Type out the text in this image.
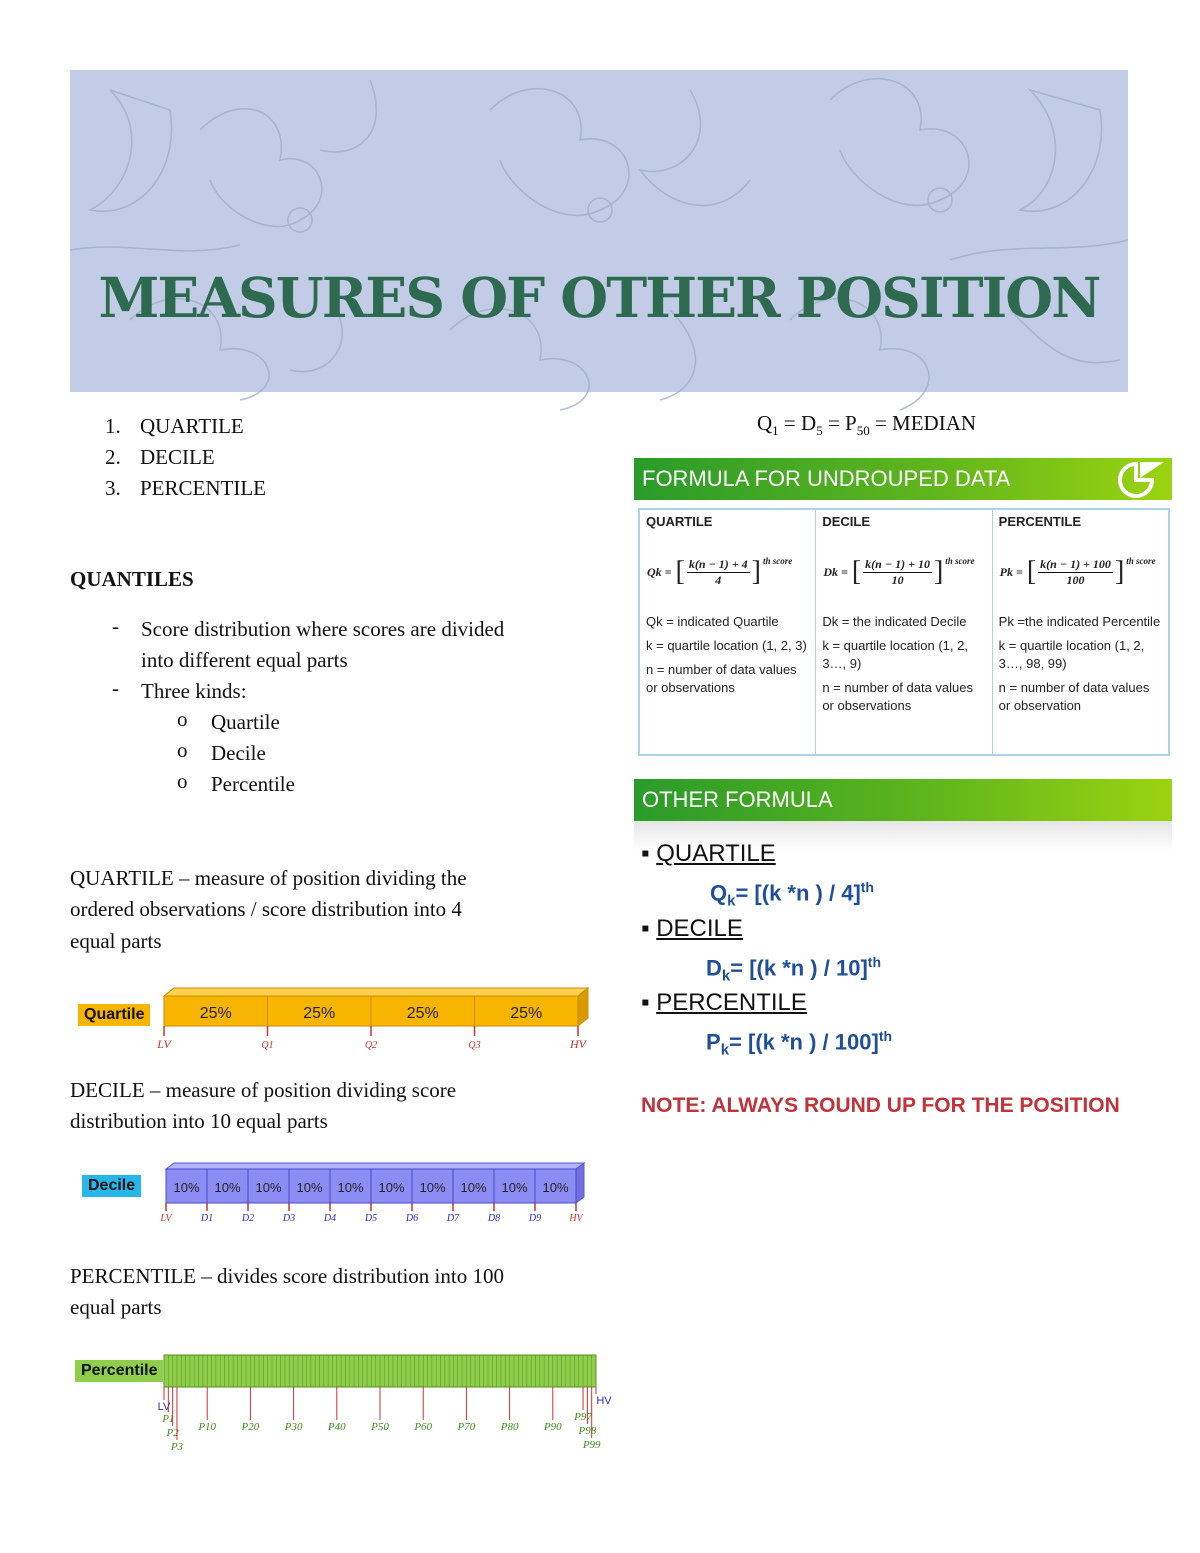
MEASURES OF OTHER POSITION
1. QUARTILE
2. DECILE
3. PERCENTILE
QUANTILES
- Score distribution where scores are divided
into different equal parts
- Three kinds:
o Quartile
o Decile
o Percentile
QUARTILE – measure of position dividing the
ordered observations / score distribution into 4
equal parts
Quartile	25%	25%	25%	25%
LV	Q1	Q2	Q3	HV
DECILE – measure of position dividing score
distribution into 10 equal parts
Decile	10% 10% 10% 10% 10% 10% 10% 10% 10% 10%
LV	D1	D2	D3	D4	D5	D6	D7	D8	D9	HV
PERCENTILE – divides score distribution into 100
equal parts
Percentile
LV
P1
P2
P3
P10 P20 P30 P40 P50 P60 P70 P80 P90
P97
P98
P99
HV
$Q_1 = D_5 = P_{50}$ = MEDIAN
FORMULA FOR UNDROUPED DATA
QUARTILE
Qk =	[	k(n − 1) + 4
4	]	th score

Qk = indicated Quartile

k = quartile location (1, 2, 3)

n = number of data values or observations

DECILE
Dk =	[	k(n − 1) + 10
10	]	th score

Dk = the indicated Decile

k = quartile location (1, 2, 3…, 9)

n = number of data values or observations

PERCENTILE
Pk =	[	k(n − 1) + 100
100	]	th score

Pk =the indicated Percentile

k = quartile location (1, 2, 3…, 98, 99)

n = number of data values or observation

OTHER FORMULA
▪ QUARTILE
$Q_k= [(k$ *n ) / 4]$^{th}$
▪ DECILE
$D_k= [(k$ *n ) / 10]$^{th}$
▪ PERCENTILE
$P_k= [(k$ *n ) / 100]$^{th}$
NOTE: ALWAYS ROUND UP FOR THE POSITION
